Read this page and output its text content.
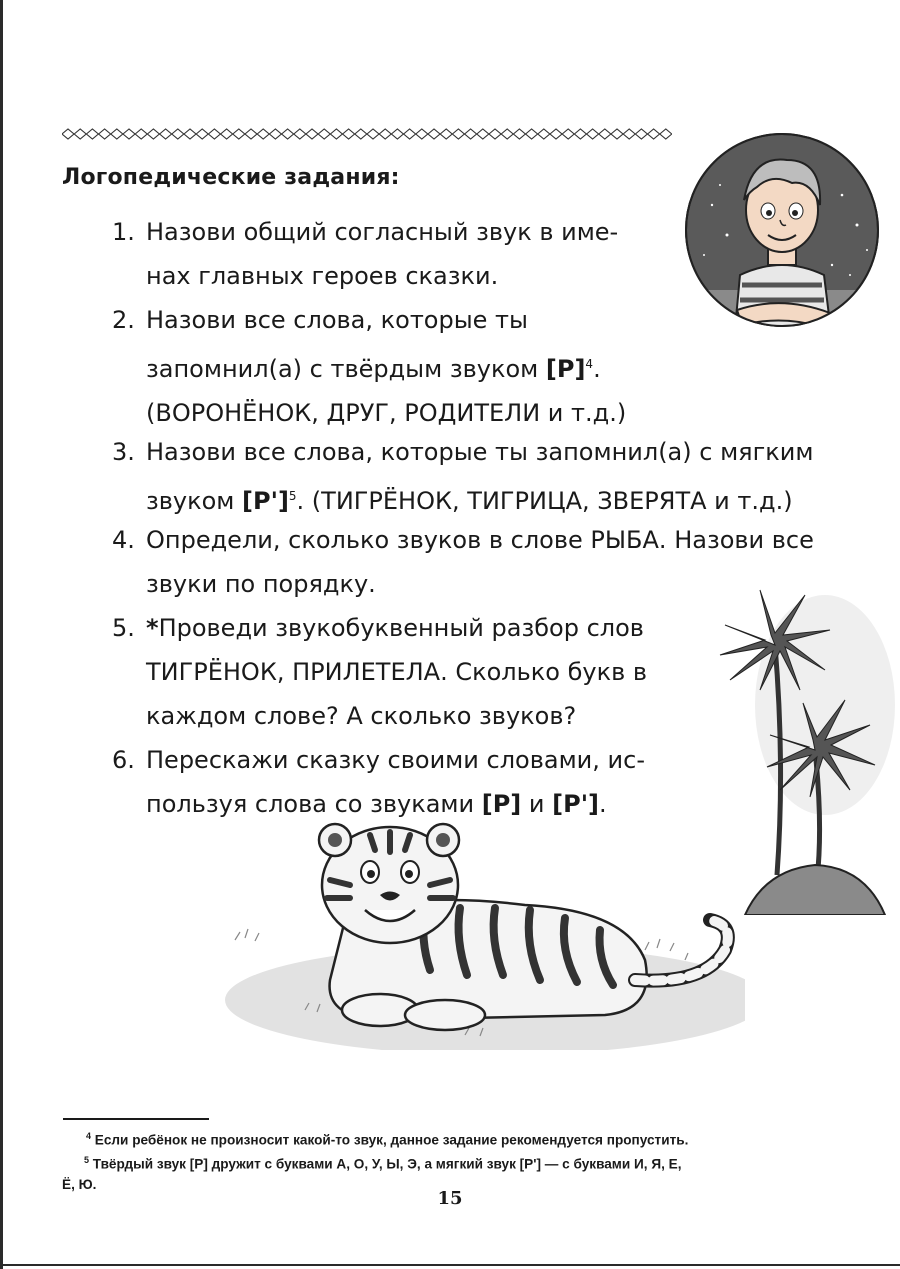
Логопедические задания:
1. Назови общий согласный звук в име-
нах главных героев сказки.
2. Назови все слова, которые ты
запомнил(а) с твёрдым звуком $[Р]^4$.
(ВОРОНЁНОК, ДРУГ, РОДИТЕЛИ и т.д.)
3. Назови все слова, которые ты запомнил(а) с мягким
звуком $[Р']^5$. (ТИГРЁНОК, ТИГРИЦА, ЗВЕРЯТА и т.д.)
4. Определи, сколько звуков в слове РЫБА. Назови все
звуки по порядку.
5. *Проведи звукобуквенный разбор слов
ТИГРЁНОК, ПРИЛЕТЕЛА. Сколько букв в
каждом слове? А сколько звуков?
6. Перескажи сказку своими словами, ис-
пользуя слова со звуками [Р] и [Р'].
$^4$ Если ребёнок не произносит какой-то звук, данное задание рекомендуется пропустить.
$^5$ Твёрдый звук [Р] дружит с буквами А, О, У, Ы, Э, а мягкий звук [Р'] — с буквами И, Я, Е,
Ё, Ю.
15
